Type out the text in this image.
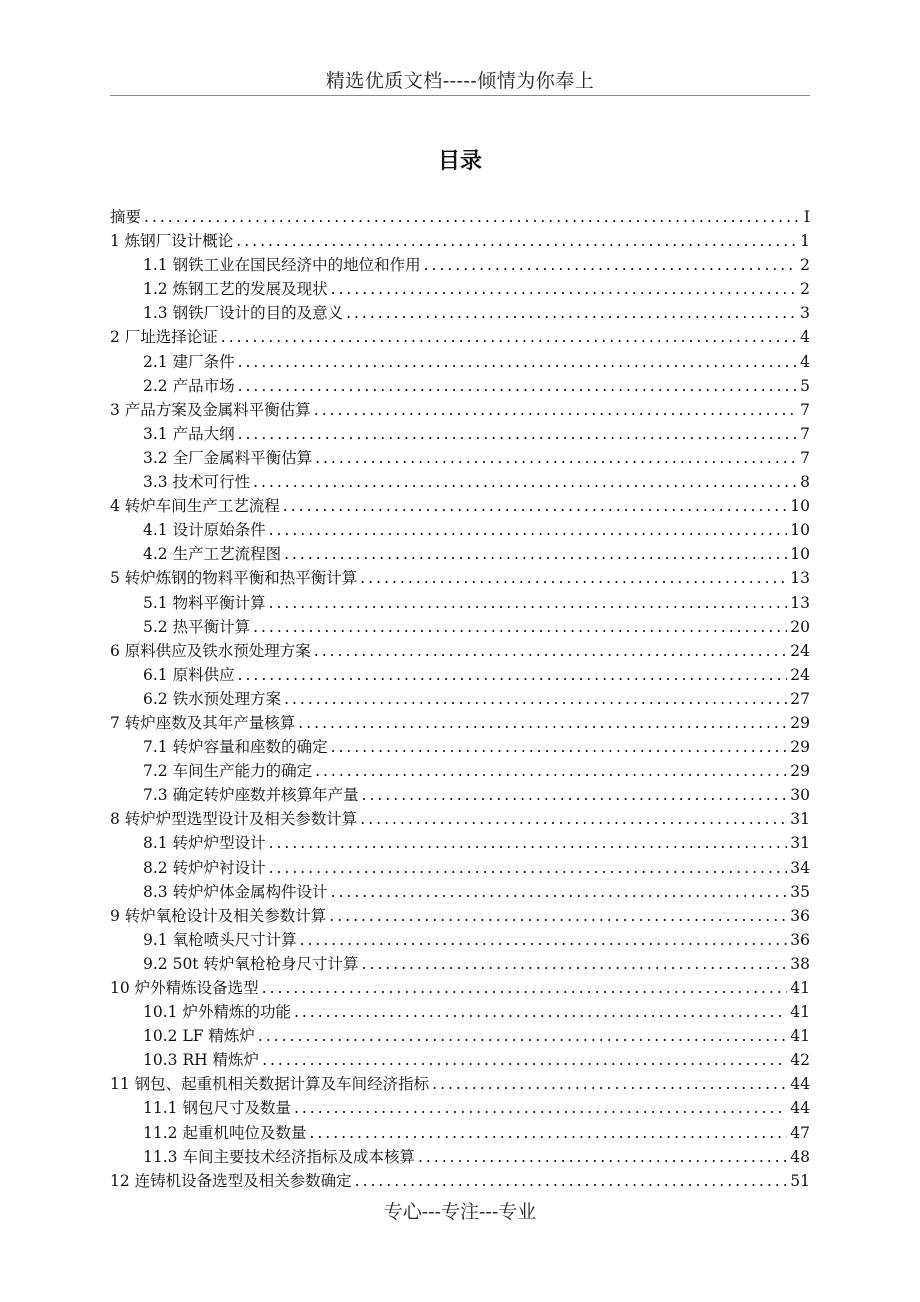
精选优质文档-----倾情为你奉上
目录
摘要 .....	I
1 炼钢厂设计概论 .....	1
1.1 钢铁工业在国民经济中的地位和作用 .....	2
1.2 炼钢工艺的发展及现状 .....	2
1.3 钢铁厂设计的目的及意义 .....	3
2 厂址选择论证 .....	4
2.1 建厂条件 .....	4
2.2 产品市场 .....	5
3 产品方案及金属料平衡估算 .....	7
3.1 产品大纲 .....	7
3.2 全厂金属料平衡估算 .....	7
3.3 技术可行性 .....	8
4 转炉车间生产工艺流程 .....	10
4.1 设计原始条件 .....	10
4.2 生产工艺流程图 .....	10
5 转炉炼钢的物料平衡和热平衡计算 .....	13
5.1 物料平衡计算 .....	13
5.2 热平衡计算 .....	20
6 原料供应及铁水预处理方案 .....	24
6.1 原料供应 .....	24
6.2 铁水预处理方案 .....	27
7 转炉座数及其年产量核算 .....	29
7.1 转炉容量和座数的确定 .....	29
7.2 车间生产能力的确定 .....	29
7.3 确定转炉座数并核算年产量 .....	30
8 转炉炉型选型设计及相关参数计算 .....	31
8.1 转炉炉型设计 .....	31
8.2 转炉炉衬设计 .....	34
8.3 转炉炉体金属构件设计 .....	35
9 转炉氧枪设计及相关参数计算 .....	36
9.1 氧枪喷头尺寸计算 .....	36
9.2 50t 转炉氧枪枪身尺寸计算 .....	38
10 炉外精炼设备选型 .....	41
10.1 炉外精炼的功能 .....	41
10.2 LF 精炼炉 .....	41
10.3 RH 精炼炉 .....	42
11 钢包、起重机相关数据计算及车间经济指标 .....	44
11.1 钢包尺寸及数量 .....	44
11.2 起重机吨位及数量 .....	47
11.3 车间主要技术经济指标及成本核算 .....	48
12 连铸机设备选型及相关参数确定 .....	51
专心---专注---专业
